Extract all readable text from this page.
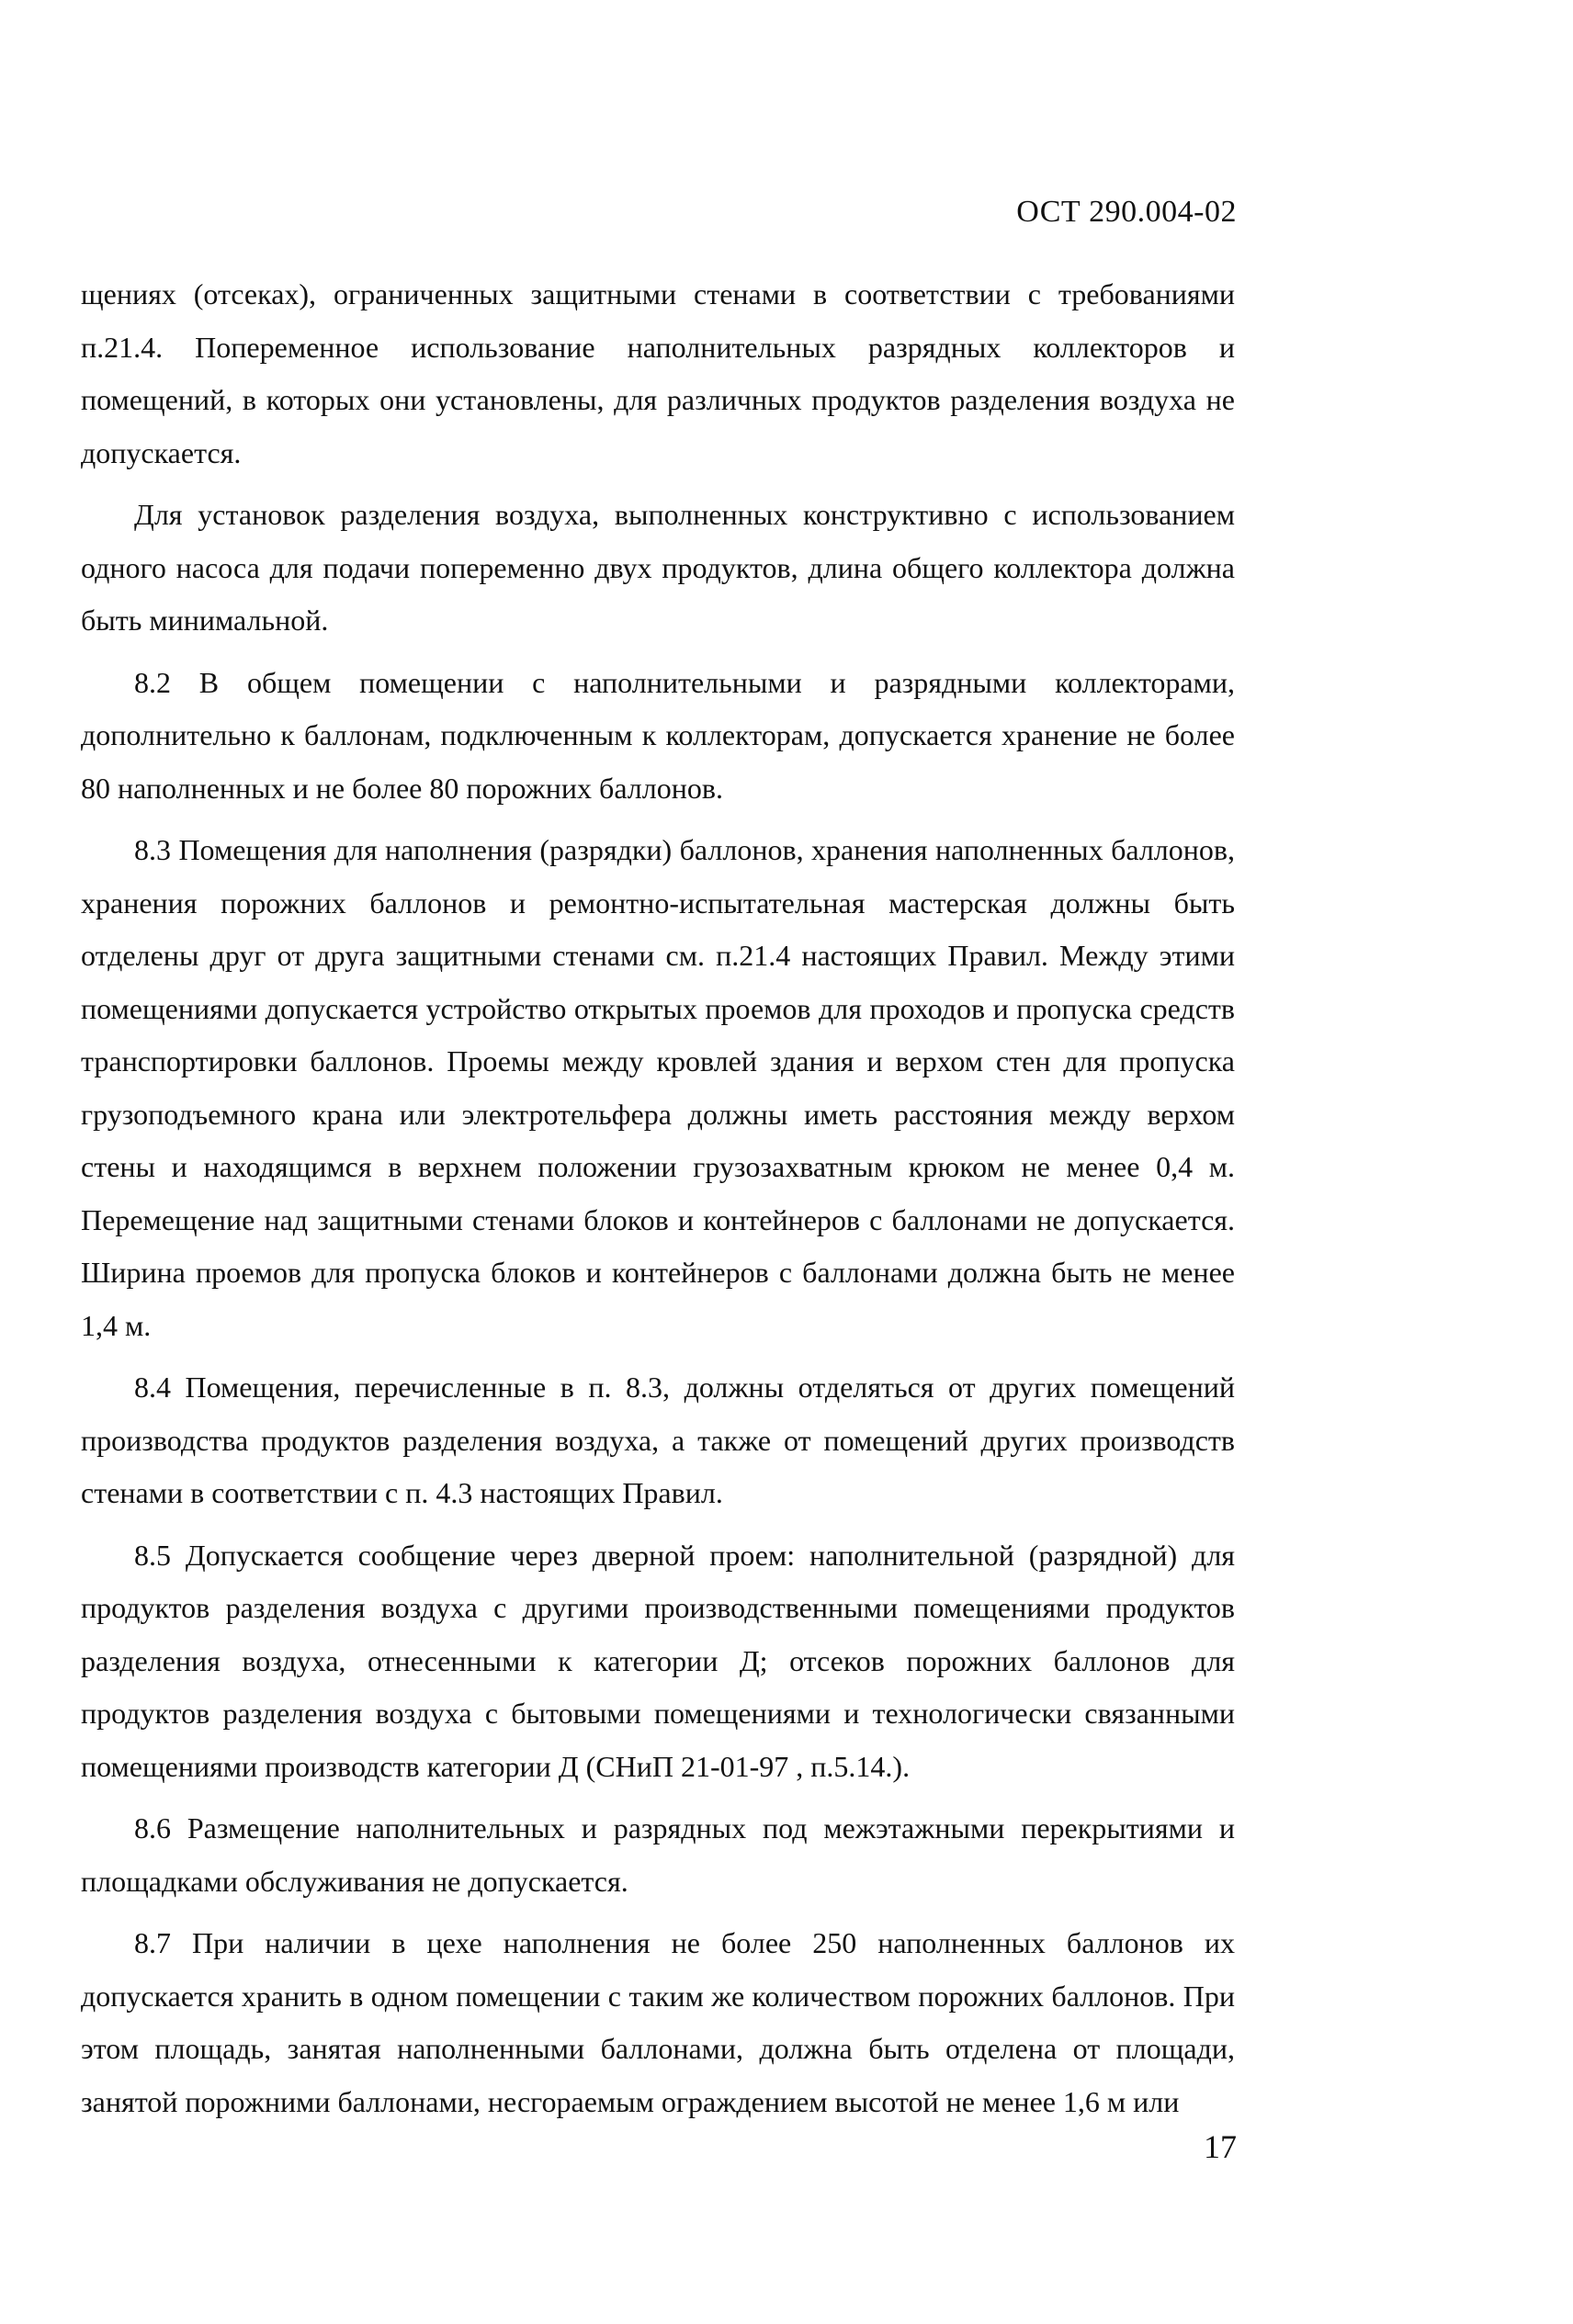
ОСТ 290.004-02

щениях (отсеках), ограниченных защитными стенами в соответствии с требованиями п.21.4. Попеременное использование наполнительных разрядных коллекторов и помещений, в которых они установлены, для различных продуктов разделения воздуха не допускается.

Для установок разделения воздуха, выполненных конструктивно с использованием одного насоса для подачи попеременно двух продуктов, длина общего коллектора должна быть минимальной.

8.2 В общем помещении с наполнительными и разрядными коллекторами, дополнительно к баллонам, подключенным к коллекторам, допускается хранение не более 80 наполненных и не более 80 порожних баллонов.

8.3 Помещения для наполнения (разрядки) баллонов, хранения наполненных баллонов, хранения порожних баллонов и ремонтно-испытательная мастерская должны быть отделены друг от друга защитными стенами см. п.21.4 настоящих Правил. Между этими помещениями допускается устройство открытых проемов для проходов и пропуска средств транспортировки баллонов. Проемы между кровлей здания и верхом стен для пропуска грузоподъемного крана или электротельфера должны иметь расстояния между верхом стены и находящимся в верхнем положении грузозахватным крюком не менее 0,4 м. Перемещение над защитными стенами блоков и контейнеров с баллонами не допускается. Ширина проемов для пропуска блоков и контейнеров с баллонами должна быть не менее 1,4 м.

8.4 Помещения, перечисленные в п. 8.3, должны отделяться от других помещений производства продуктов разделения воздуха, а также от помещений других производств стенами в соответствии с п. 4.3 настоящих Правил.

8.5 Допускается сообщение через дверной проем: наполнительной (разрядной) для продуктов разделения воздуха с другими производственными помещениями продуктов разделения воздуха, отнесенными к категории Д; отсеков порожних баллонов для продуктов разделения воздуха с бытовыми помещениями и технологически связанными помещениями производств категории Д (СНиП 21-01-97 , п.5.14.).

8.6 Размещение наполнительных и разрядных под межэтажными перекрытиями и площадками обслуживания не допускается.

8.7 При наличии в цехе наполнения не более 250 наполненных баллонов их допускается хранить в одном помещении с таким же количеством порожних баллонов. При этом площадь, занятая наполненными баллонами, должна быть отделена от площади, занятой порожними баллонами, несгораемым ограждением высотой не менее 1,6 м или

17
